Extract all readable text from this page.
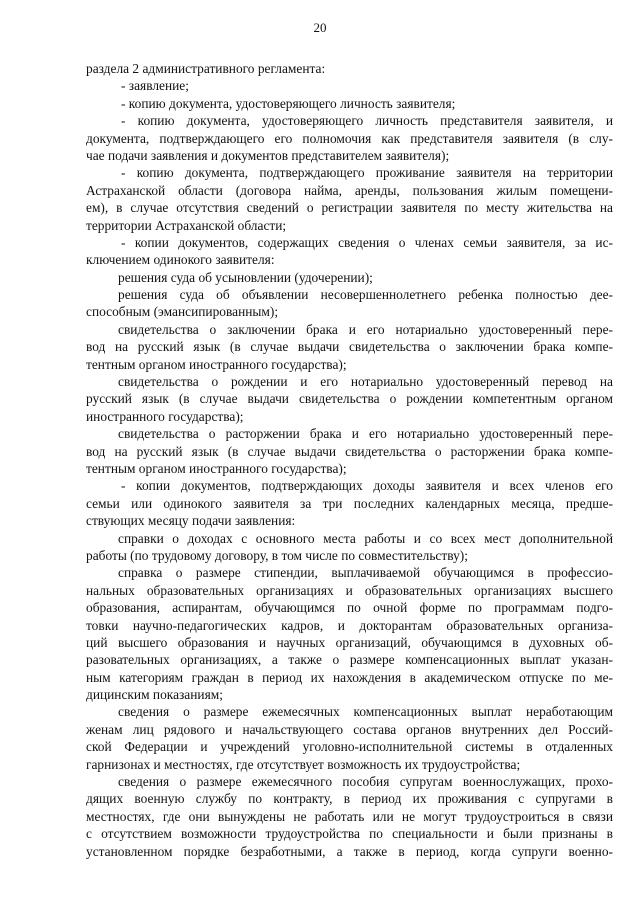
20
раздела 2 административного регламента:
- заявление;
- копию документа, удостоверяющего личность заявителя;
- копию документа, удостоверяющего личность представителя заявителя, и
документа, подтверждающего его полномочия как представителя заявителя (в слу-
чае подачи заявления и документов представителем заявителя);
- копию документа, подтверждающего проживание заявителя на территории
Астраханской области (договора найма, аренды, пользования жилым помещени-
ем), в случае отсутствия сведений о регистрации заявителя по месту жительства на
территории Астраханской области;
- копии документов, содержащих сведения о членах семьи заявителя, за ис-
ключением одинокого заявителя:
решения суда об усыновлении (удочерении);
решения суда об объявлении несовершеннолетнего ребенка полностью дее-
способным (эмансипированным);
свидетельства о заключении брака и его нотариально удостоверенный пере-
вод на русский язык (в случае выдачи свидетельства о заключении брака компе-
тентным органом иностранного государства);
свидетельства о рождении и его нотариально удостоверенный перевод на
русский язык (в случае выдачи свидетельства о рождении компетентным органом
иностранного государства);
свидетельства о расторжении брака и его нотариально удостоверенный пере-
вод на русский язык (в случае выдачи свидетельства о расторжении брака компе-
тентным органом иностранного государства);
- копии документов, подтверждающих доходы заявителя и всех членов его
семьи или одинокого заявителя за три последних календарных месяца, предше-
ствующих месяцу подачи заявления:
справки о доходах с основного места работы и со всех мест дополнительной
работы (по трудовому договору, в том числе по совместительству);
справка о размере стипендии, выплачиваемой обучающимся в профессио-
нальных образовательных организациях и образовательных организациях высшего
образования, аспирантам, обучающимся по очной форме по программам подго-
товки научно-педагогических кадров, и докторантам образовательных организа-
ций высшего образования и научных организаций, обучающимся в духовных об-
разовательных организациях, а также о размере компенсационных выплат указан-
ным категориям граждан в период их нахождения в академическом отпуске по ме-
дицинским показаниям;
сведения о размере ежемесячных компенсационных выплат неработающим
женам лиц рядового и начальствующего состава органов внутренних дел Россий-
ской Федерации и учреждений уголовно-исполнительной системы в отдаленных
гарнизонах и местностях, где отсутствует возможность их трудоустройства;
сведения о размере ежемесячного пособия супругам военнослужащих, прохо-
дящих военную службу по контракту, в период их проживания с супругами в
местностях, где они вынуждены не работать или не могут трудоустроиться в связи
с отсутствием возможности трудоустройства по специальности и были признаны в
установленном порядке безработными, а также в период, когда супруги военно-
